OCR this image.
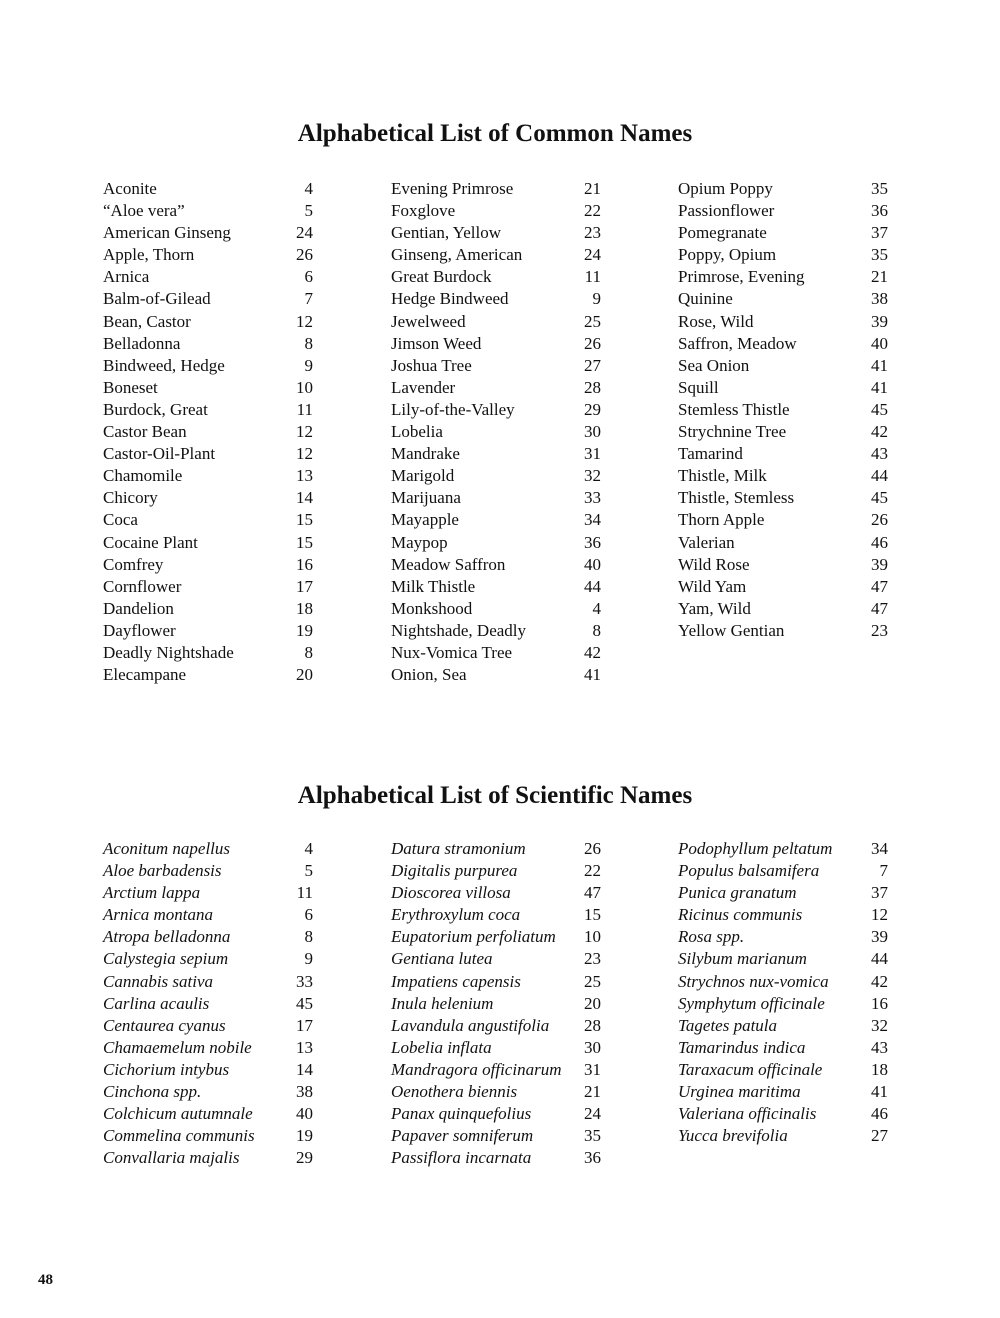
Alphabetical List of Common Names
Aconite	4
“Aloe vera”	5
American Ginseng	24
Apple, Thorn	26
Arnica	6
Balm-of-Gilead	7
Bean, Castor	12
Belladonna	8
Bindweed, Hedge	9
Boneset	10
Burdock, Great	11
Castor Bean	12
Castor-Oil-Plant	12
Chamomile	13
Chicory	14
Coca	15
Cocaine Plant	15
Comfrey	16
Cornflower	17
Dandelion	18
Dayflower	19
Deadly Nightshade	8
Elecampane	20
Evening Primrose	21
Foxglove	22
Gentian, Yellow	23
Ginseng, American	24
Great Burdock	11
Hedge Bindweed	9
Jewelweed	25
Jimson Weed	26
Joshua Tree	27
Lavender	28
Lily-of-the-Valley	29
Lobelia	30
Mandrake	31
Marigold	32
Marijuana	33
Mayapple	34
Maypop	36
Meadow Saffron	40
Milk Thistle	44
Monkshood	4
Nightshade, Deadly	8
Nux-Vomica Tree	42
Onion, Sea	41
Opium Poppy	35
Passionflower	36
Pomegranate	37
Poppy, Opium	35
Primrose, Evening	21
Quinine	38
Rose, Wild	39
Saffron, Meadow	40
Sea Onion	41
Squill	41
Stemless Thistle	45
Strychnine Tree	42
Tamarind	43
Thistle, Milk	44
Thistle, Stemless	45
Thorn Apple	26
Valerian	46
Wild Rose	39
Wild Yam	47
Yam, Wild	47
Yellow Gentian	23
Alphabetical List of Scientific Names
Aconitum napellus	4
Aloe barbadensis	5
Arctium lappa	11
Arnica montana	6
Atropa belladonna	8
Calystegia sepium	9
Cannabis sativa	33
Carlina acaulis	45
Centaurea cyanus	17
Chamaemelum nobile	13
Cichorium intybus	14
Cinchona spp.	38
Colchicum autumnale	40
Commelina communis 19
Convallaria majalis	29
Datura stramonium	26
Digitalis purpurea	22
Dioscorea villosa	47
Erythroxylum coca	15
Eupatorium perfoliatum 10
Gentiana lutea	23
Impatiens capensis	25
Inula helenium	20
Lavandula angustifolia 28
Lobelia inflata	30
Mandragora officinarum 31
Oenothera biennis	21
Panax quinquefolius	24
Papaver somniferum	35
Passiflora incarnata	36
Podophyllum peltatum 34
Populus balsamifera	7
Punica granatum	37
Ricinus communis	12
Rosa spp.	39
Silybum marianum	44
Strychnos nux-vomica 42
Symphytum officinale	16
Tagetes patula	32
Tamarindus indica	43
Taraxacum officinale	18
Urginea maritima	41
Valeriana officinalis	46
Yucca brevifolia	27
48
